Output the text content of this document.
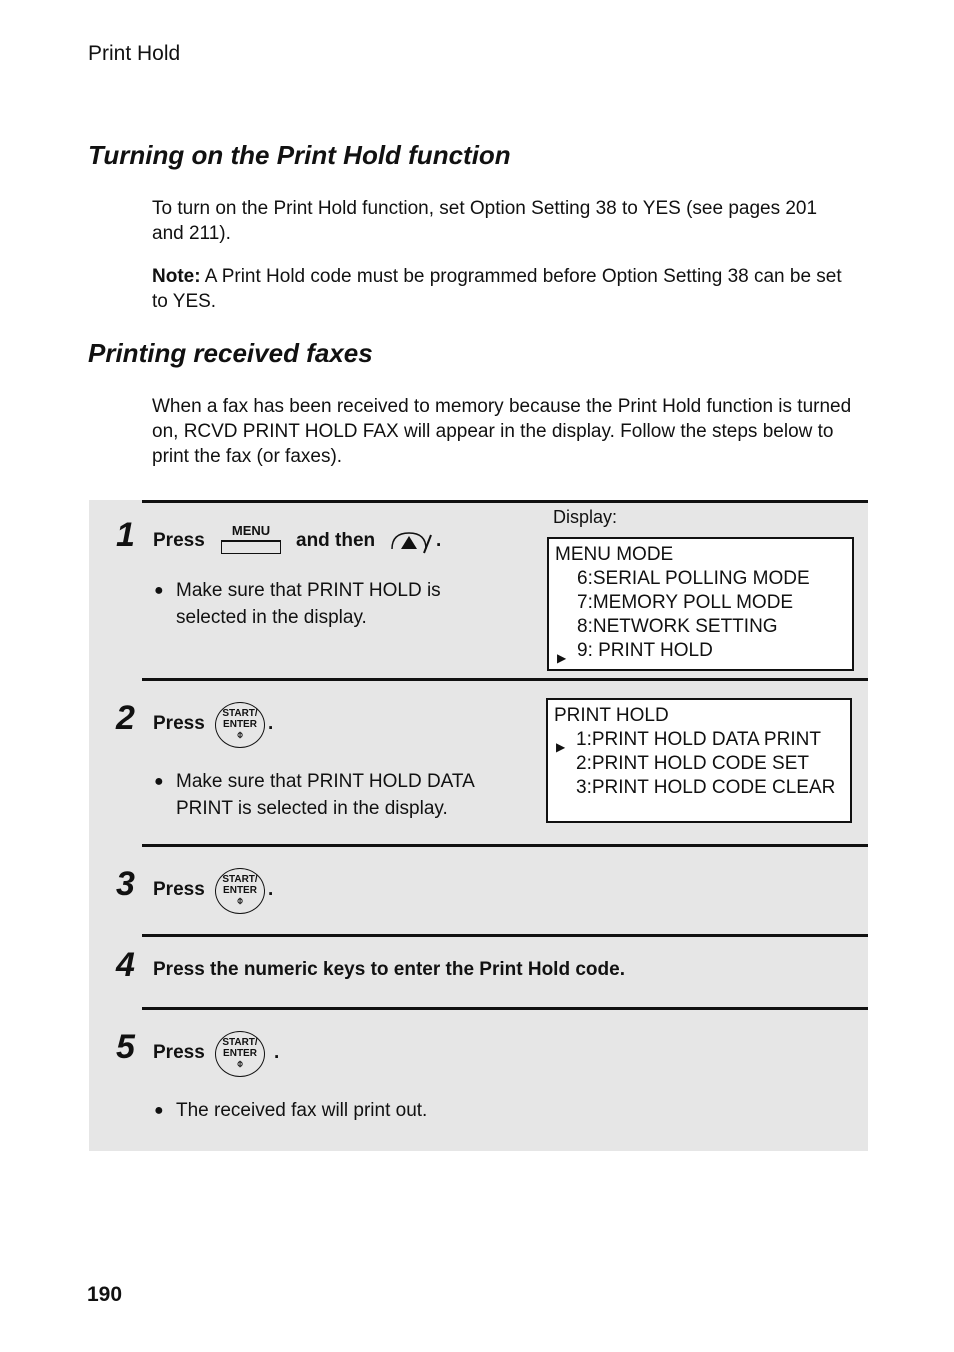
Print Hold
Turning on the Print Hold function

To turn on the Print Hold function, set Option Setting 38 to YES (see pages 201 and 211).

Note: A Print Hold code must be programmed before Option Setting 38 can be set to YES.

Printing received faxes

When a fax has been received to memory because the Print Hold function is turned on, RCVD PRINT HOLD FAX will appear in the display. Follow the steps below to print the fax (or faxes).

1 Press	MENU	and then	.
● Make sure that PRINT HOLD is selected in the display.
Display:
MENU MODE
6:SERIAL POLLING MODE
7:MEMORY POLL MODE
8:NETWORK SETTING
▶ 9: PRINT HOLD
2 Press	START/
ENTER
⌽
.
● Make sure that PRINT HOLD DATA PRINT is selected in the display.
PRINT HOLD
▶ 1:PRINT HOLD DATA PRINT
2:PRINT HOLD CODE SET
3:PRINT HOLD CODE CLEAR
3 Press	START/
ENTER
⌽
.
4 Press the numeric keys to enter the Print Hold code.
5 Press	START/
ENTER
⌽
.
● The received fax will print out.
190
